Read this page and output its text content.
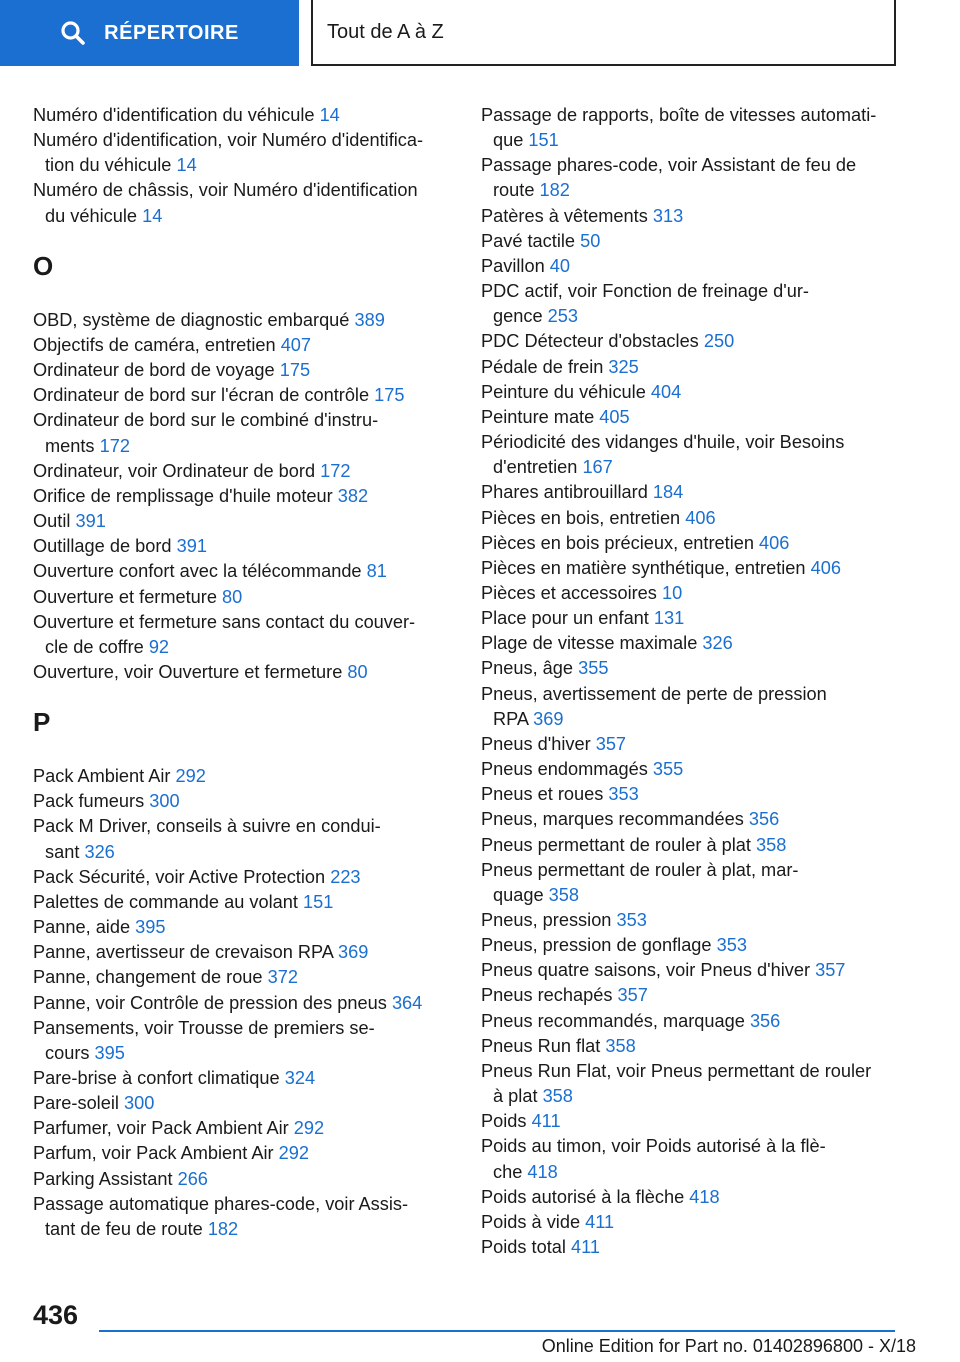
RÉPERTOIRE	Tout de A à Z
Numéro d'identification du véhicule 14
Numéro d'identification, voir Numéro d'identifica‐
tion du véhicule 14
Numéro de châssis, voir Numéro d'identification
du véhicule 14
O
OBD, système de diagnostic embarqué 389
Objectifs de caméra, entretien 407
Ordinateur de bord de voyage 175
Ordinateur de bord sur l'écran de contrôle 175
Ordinateur de bord sur le combiné d'instru‐
ments 172
Ordinateur, voir Ordinateur de bord 172
Orifice de remplissage d'huile moteur 382
Outil 391
Outillage de bord 391
Ouverture confort avec la télécommande 81
Ouverture et fermeture 80
Ouverture et fermeture sans contact du couver‐
cle de coffre 92
Ouverture, voir Ouverture et fermeture 80
P
Pack Ambient Air 292
Pack fumeurs 300
Pack M Driver, conseils à suivre en condui‐
sant 326
Pack Sécurité, voir Active Protection 223
Palettes de commande au volant 151
Panne, aide 395
Panne, avertisseur de crevaison RPA 369
Panne, changement de roue 372
Panne, voir Contrôle de pression des pneus 364
Pansements, voir Trousse de premiers se‐
cours 395
Pare-brise à confort climatique 324
Pare-soleil 300
Parfumer, voir Pack Ambient Air 292
Parfum, voir Pack Ambient Air 292
Parking Assistant 266
Passage automatique phares-code, voir Assis‐
tant de feu de route 182
Passage de rapports, boîte de vitesses automati‐
que 151
Passage phares-code, voir Assistant de feu de
route 182
Patères à vêtements 313
Pavé tactile 50
Pavillon 40
PDC actif, voir Fonction de freinage d'ur‐
gence 253
PDC Détecteur d'obstacles 250
Pédale de frein 325
Peinture du véhicule 404
Peinture mate 405
Périodicité des vidanges d'huile, voir Besoins
d'entretien 167
Phares antibrouillard 184
Pièces en bois, entretien 406
Pièces en bois précieux, entretien 406
Pièces en matière synthétique, entretien 406
Pièces et accessoires 10
Place pour un enfant 131
Plage de vitesse maximale 326
Pneus, âge 355
Pneus, avertissement de perte de pression
RPA 369
Pneus d'hiver 357
Pneus endommagés 355
Pneus et roues 353
Pneus, marques recommandées 356
Pneus permettant de rouler à plat 358
Pneus permettant de rouler à plat, mar‐
quage 358
Pneus, pression 353
Pneus, pression de gonflage 353
Pneus quatre saisons, voir Pneus d'hiver 357
Pneus rechapés 357
Pneus recommandés, marquage 356
Pneus Run flat 358
Pneus Run Flat, voir Pneus permettant de rouler
à plat 358
Poids 411
Poids au timon, voir Poids autorisé à la flè‐
che 418
Poids autorisé à la flèche 418
Poids à vide 411
Poids total 411
436
Online Edition for Part no. 01402896800 - X/18
